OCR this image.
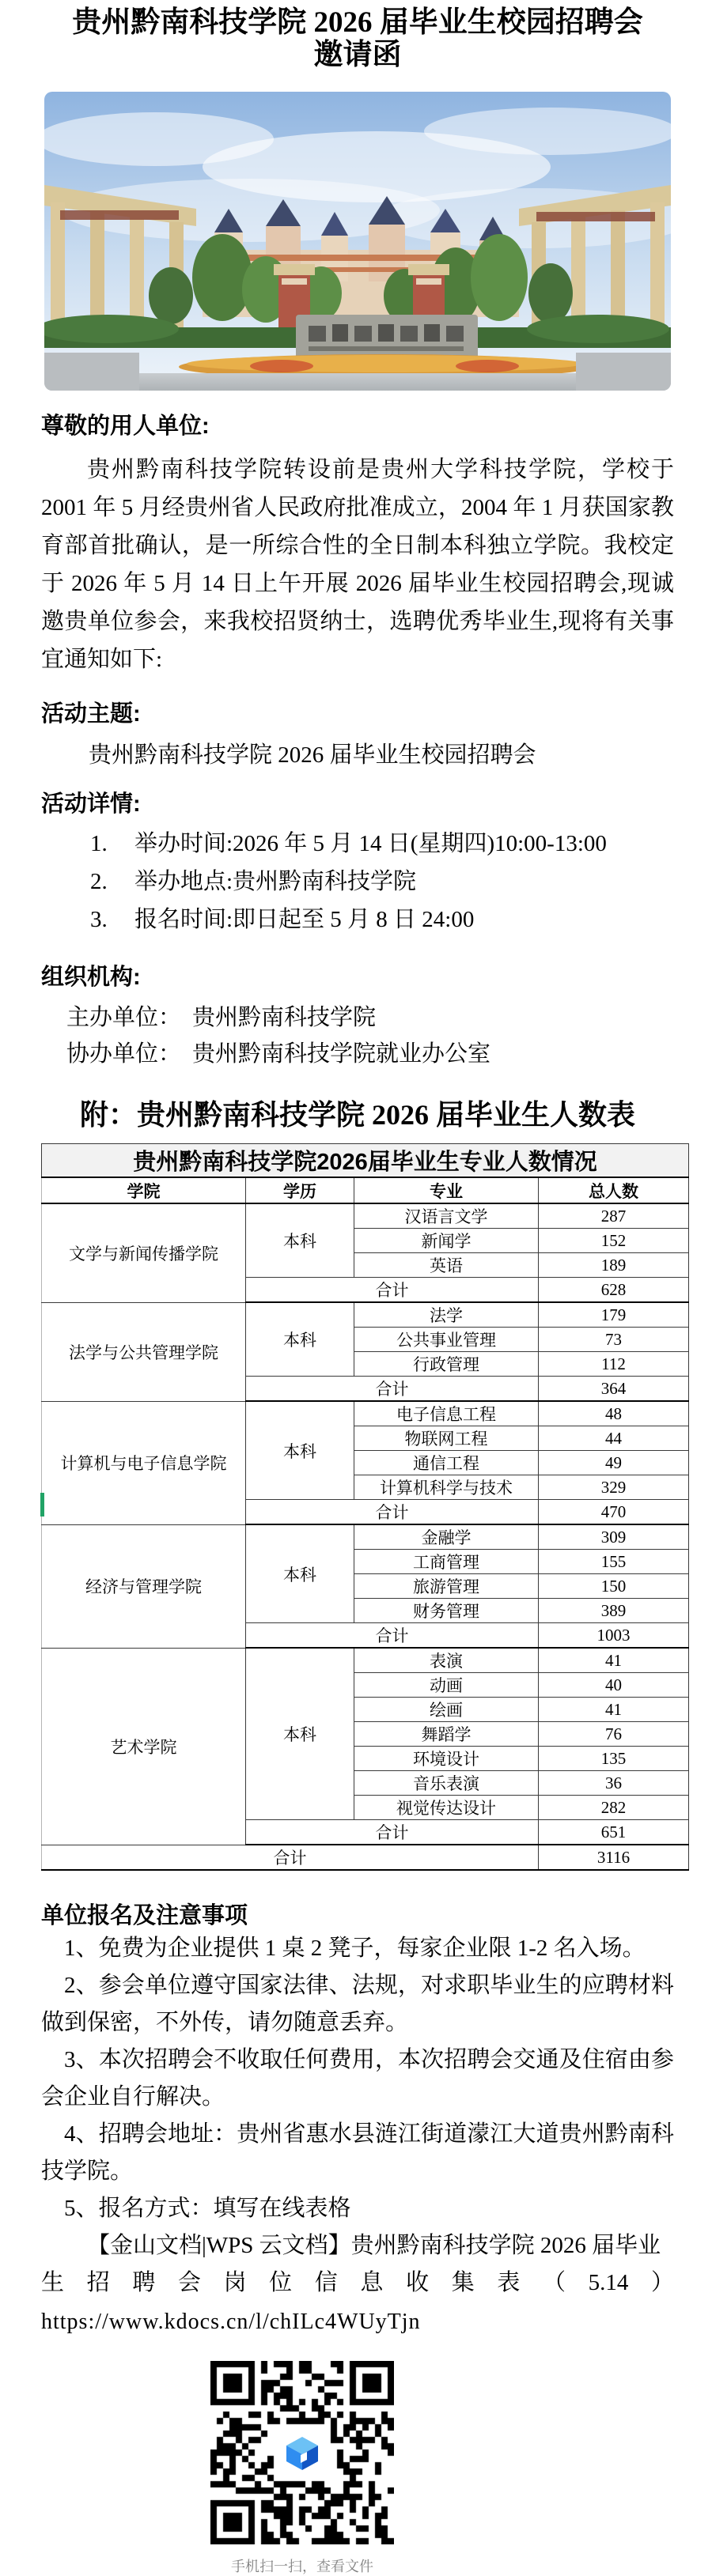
贵州黔南科技学院 2026 届毕业生校园招聘会
邀请函
尊敬的用人单位:

贵州黔南科技学院转设前是贵州大学科技学院，学校于 2001 年 5 月经贵州省人民政府批准成立，2004 年 1 月获国家教育部首批确认，是一所综合性的全日制本科独立学院。我校定于 2026 年 5 月 14 日上午开展 2026 届毕业生校园招聘会,现诚邀贵单位参会，来我校招贤纳士，选聘优秀毕业生,现将有关事宜通知如下:

活动主题:
贵州黔南科技学院 2026 届毕业生校园招聘会
活动详情:
1.	举办时间:2026 年 5 月 14 日(星期四)10:00-13:00
2.	举办地点:贵州黔南科技学院
3.	报名时间:即日起至 5 月 8 日 24:00
组织机构:
主办单位： 贵州黔南科技学院
协办单位： 贵州黔南科技学院就业办公室
附：贵州黔南科技学院 2026 届毕业生人数表
贵州黔南科技学院2026届毕业生专业人数情况			
学院	学历	专业	总人数
文学与新闻传播学院	本科	汉语言文学	287
		新闻学	152
		英语	189
	合计		628
法学与公共管理学院	本科	法学	179
		公共事业管理	73
		行政管理	112
	合计		364
计算机与电子信息学院	本科	电子信息工程	48
		物联网工程	44
		通信工程	49
		计算机科学与技术	329
	合计		470
经济与管理学院	本科	金融学	309
		工商管理	155
		旅游管理	150
		财务管理	389
	合计		1003
艺术学院	本科	表演	41
		动画	40
		绘画	41
		舞蹈学	76
		环境设计	135
		音乐表演	36
		视觉传达设计	282
	合计		651
合计			3116
单位报名及注意事项

1、免费为企业提供 1 桌 2 凳子，每家企业限 1-2 名入场。

2、参会单位遵守国家法律、法规，对求职毕业生的应聘材料做到保密，不外传，请勿随意丢弃。

3、本次招聘会不收取任何费用，本次招聘会交通及住宿由参会企业自行解决。

4、招聘会地址：贵州省惠水县涟江街道濛江大道贵州黔南科技学院。

5、报名方式：填写在线表格

【金山文档|WPS 云文档】贵州黔南科技学院 2026 届毕业

生招聘会岗位信息收集表（5.14）

https://www.kdocs.cn/l/chILc4WUyTjn
手机扫一扫，查看文件
